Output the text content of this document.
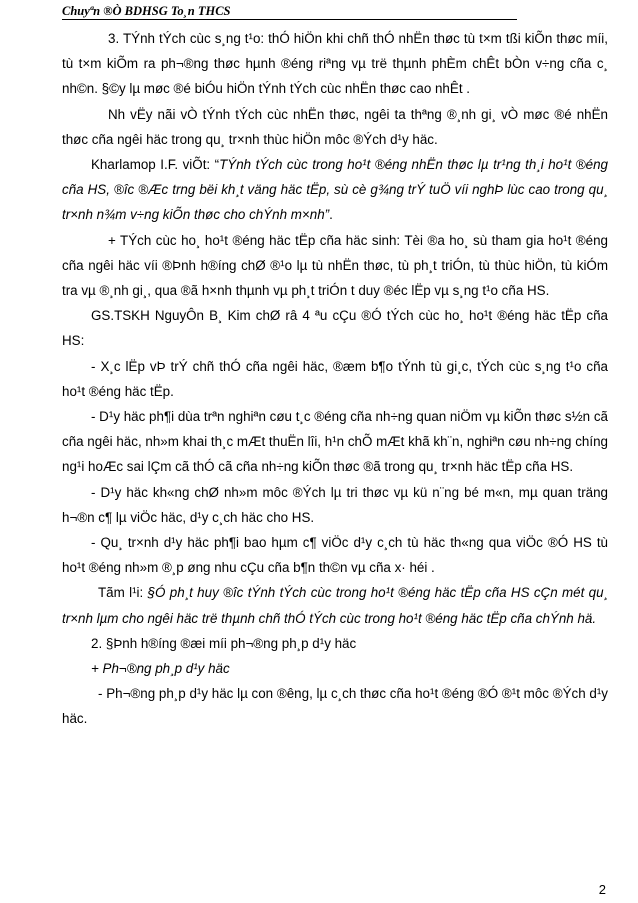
Chuyªn ®Ò BDHSG To¸n THCS

3. TÝnh tÝch cùc s¸ng t¹o: thÓ hiÖn khi chñ thÓ nhËn thøc tù t×m tßi kiÕn thøc míi, tù t×m kiÕm ra ph¬®ng thøc hµnh ®éng riªng vµ trë thµnh phÈm chÊt bÒn v÷ng cña c¸ nh©n. §©y lµ møc ®é biÓu hiÖn tÝnh tÝch cùc nhËn thøc cao nhÊt .

Nh vËy nãi vÒ tÝnh tÝch cùc nhËn thøc, ngêi ta thªng ®¸nh gi¸ vÒ møc ®é nhËn thøc cña ngêi häc trong qu¸ tr×nh thùc hiÖn môc ®Ých d¹y häc.

Kharlamop I.F. viÕt: “TÝnh tÝch cùc trong ho¹t ®éng nhËn thøc lµ tr¹ng th¸i ho¹t ®éng cña HS, ®îc ®Æc trng bëi kh¸t väng häc tËp, sù cè g¾ng trÝ tuÖ víi nghÞ lùc cao trong qu¸ tr×nh n¾m v÷ng kiÕn thøc cho chÝnh m×nh”.

+ TÝch cùc ho¸ ho¹t ®éng häc tËp cña häc sinh: Tèi ®a ho¸ sù tham gia ho¹t ®éng cña ngêi häc víi ®Þnh h®íng chØ ®¹o lµ tù nhËn thøc, tù ph¸t triÓn, tù thùc hiÖn, tù kiÓm tra vµ ®¸nh gi¸, qua ®ã h×nh thµnh vµ ph¸t triÓn t duy ®éc lËp vµ s¸ng t¹o cña HS.

GS.TSKH NguyÔn B¸ Kim chØ râ 4 ªu cÇu ®Ó tÝch cùc ho¸ ho¹t ®éng häc tËp cña HS:

- X¸c lËp vÞ trÝ chñ thÓ cña ngêi häc, ®æm b¶o tÝnh tù gi¸c, tÝch cùc s¸ng t¹o cña ho¹t ®éng häc tËp.

- D¹y häc ph¶i dùa trªn nghiªn cøu t¸c ®éng cña nh÷ng quan niÖm vµ kiÕn thøc s½n cã cña ngêi häc, nh»m khai th¸c mÆt thuËn lîi, h¹n chÕ mÆt khã kh¨n, nghiªn cøu nh÷ng chíng ng¹i hoÆc sai lÇm cã thÓ cã cña nh÷ng kiÕn thøc ®ã trong qu¸ tr×nh häc tËp cña HS.

- D¹y häc kh«ng chØ nh»m môc ®Ých lµ tri thøc vµ kü n¨ng bé m«n, mµ quan träng h¬®n c¶ lµ viÖc häc, d¹y c¸ch häc cho HS.

- Qu¸ tr×nh d¹y häc ph¶i bao hµm c¶ viÖc d¹y c¸ch tù häc th«ng qua viÖc ®Ó HS tù ho¹t ®éng nh»m ®¸p øng nhu cÇu cña b¶n th©n vµ cña x· héi .

Tãm l¹i: §Ó ph¸t huy ®îc tÝnh tÝch cùc trong ho¹t ®éng häc tËp cña HS cÇn mét qu¸ tr×nh lµm cho ngêi häc trë thµnh chñ thÓ tÝch cùc trong ho¹t ®éng häc tËp cña chÝnh hä.

2. §Þnh h®íng ®æi míi ph¬®ng ph¸p d¹y häc

+ Ph¬®ng ph¸p d¹y häc

- Ph¬®ng ph¸p d¹y häc lµ con ®êng, lµ c¸ch thøc cña ho¹t ®éng ®Ó ®¹t môc ®Ých d¹y häc.

2
